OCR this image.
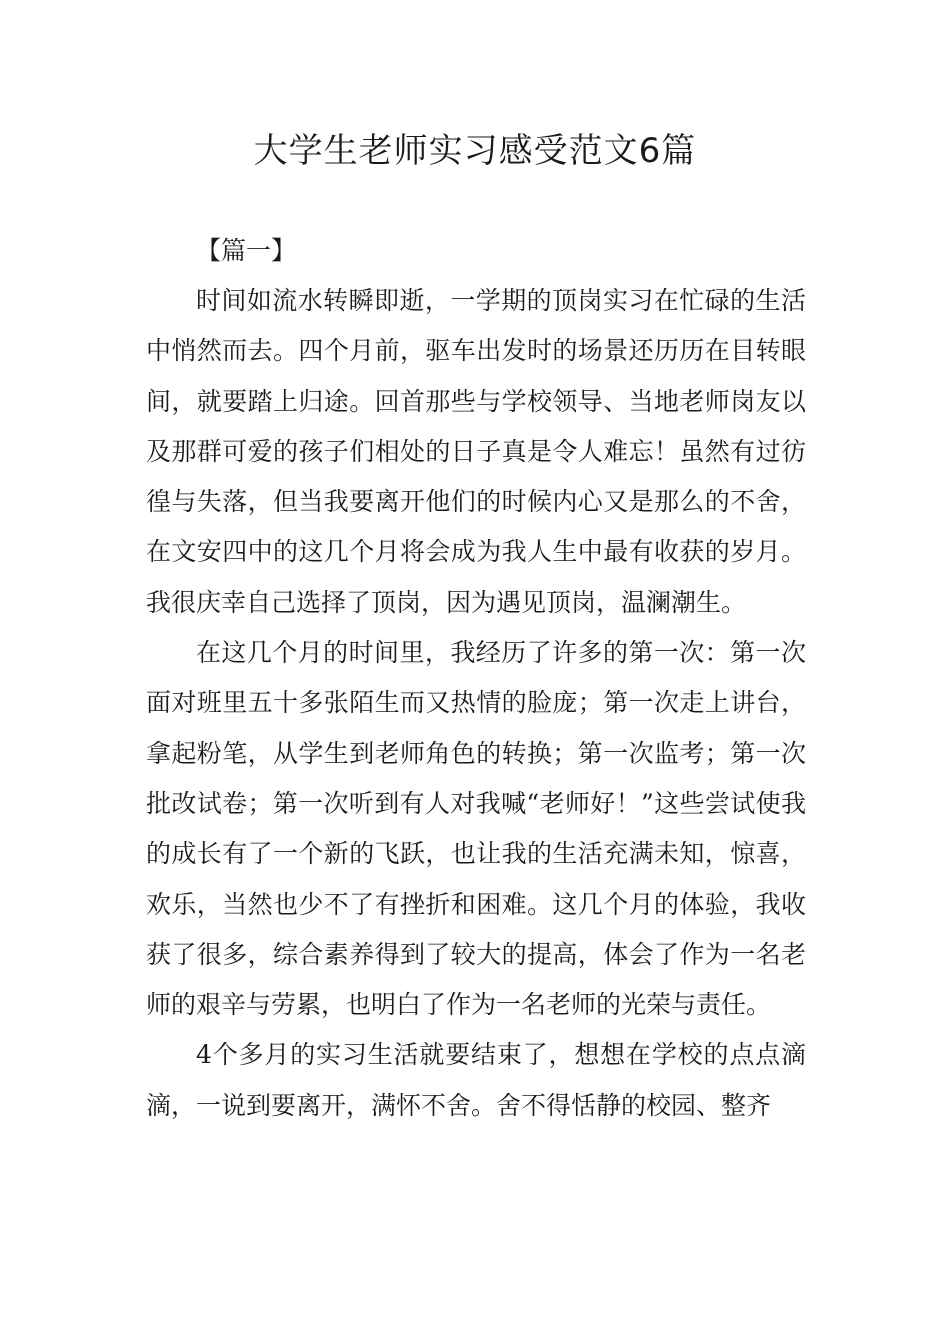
大学生老师实习感受范文6篇

【篇一】

时间如流水转瞬即逝，一学期的顶岗实习在忙碌的生活中悄然而去。四个月前，驱车出发时的场景还历历在目转眼间，就要踏上归途。回首那些与学校领导、当地老师岗友以及那群可爱的孩子们相处的日子真是令人难忘！虽然有过彷徨与失落，但当我要离开他们的时候内心又是那么的不舍，在文安四中的这几个月将会成为我人生中最有收获的岁月。我很庆幸自己选择了顶岗，因为遇见顶岗，温澜潮生。

在这几个月的时间里，我经历了许多的第一次：第一次面对班里五十多张陌生而又热情的脸庞；第一次走上讲台，拿起粉笔，从学生到老师角色的转换；第一次监考；第一次批改试卷；第一次听到有人对我喊“老师好！”这些尝试使我的成长有了一个新的飞跃，也让我的生活充满未知，惊喜，欢乐，当然也少不了有挫折和困难。这几个月的体验，我收获了很多，综合素养得到了较大的提高，体会了作为一名老师的艰辛与劳累，也明白了作为一名老师的光荣与责任。

4个多月的实习生活就要结束了，想想在学校的点点滴滴，一说到要离开，满怀不舍。舍不得恬静的校园、整齐
